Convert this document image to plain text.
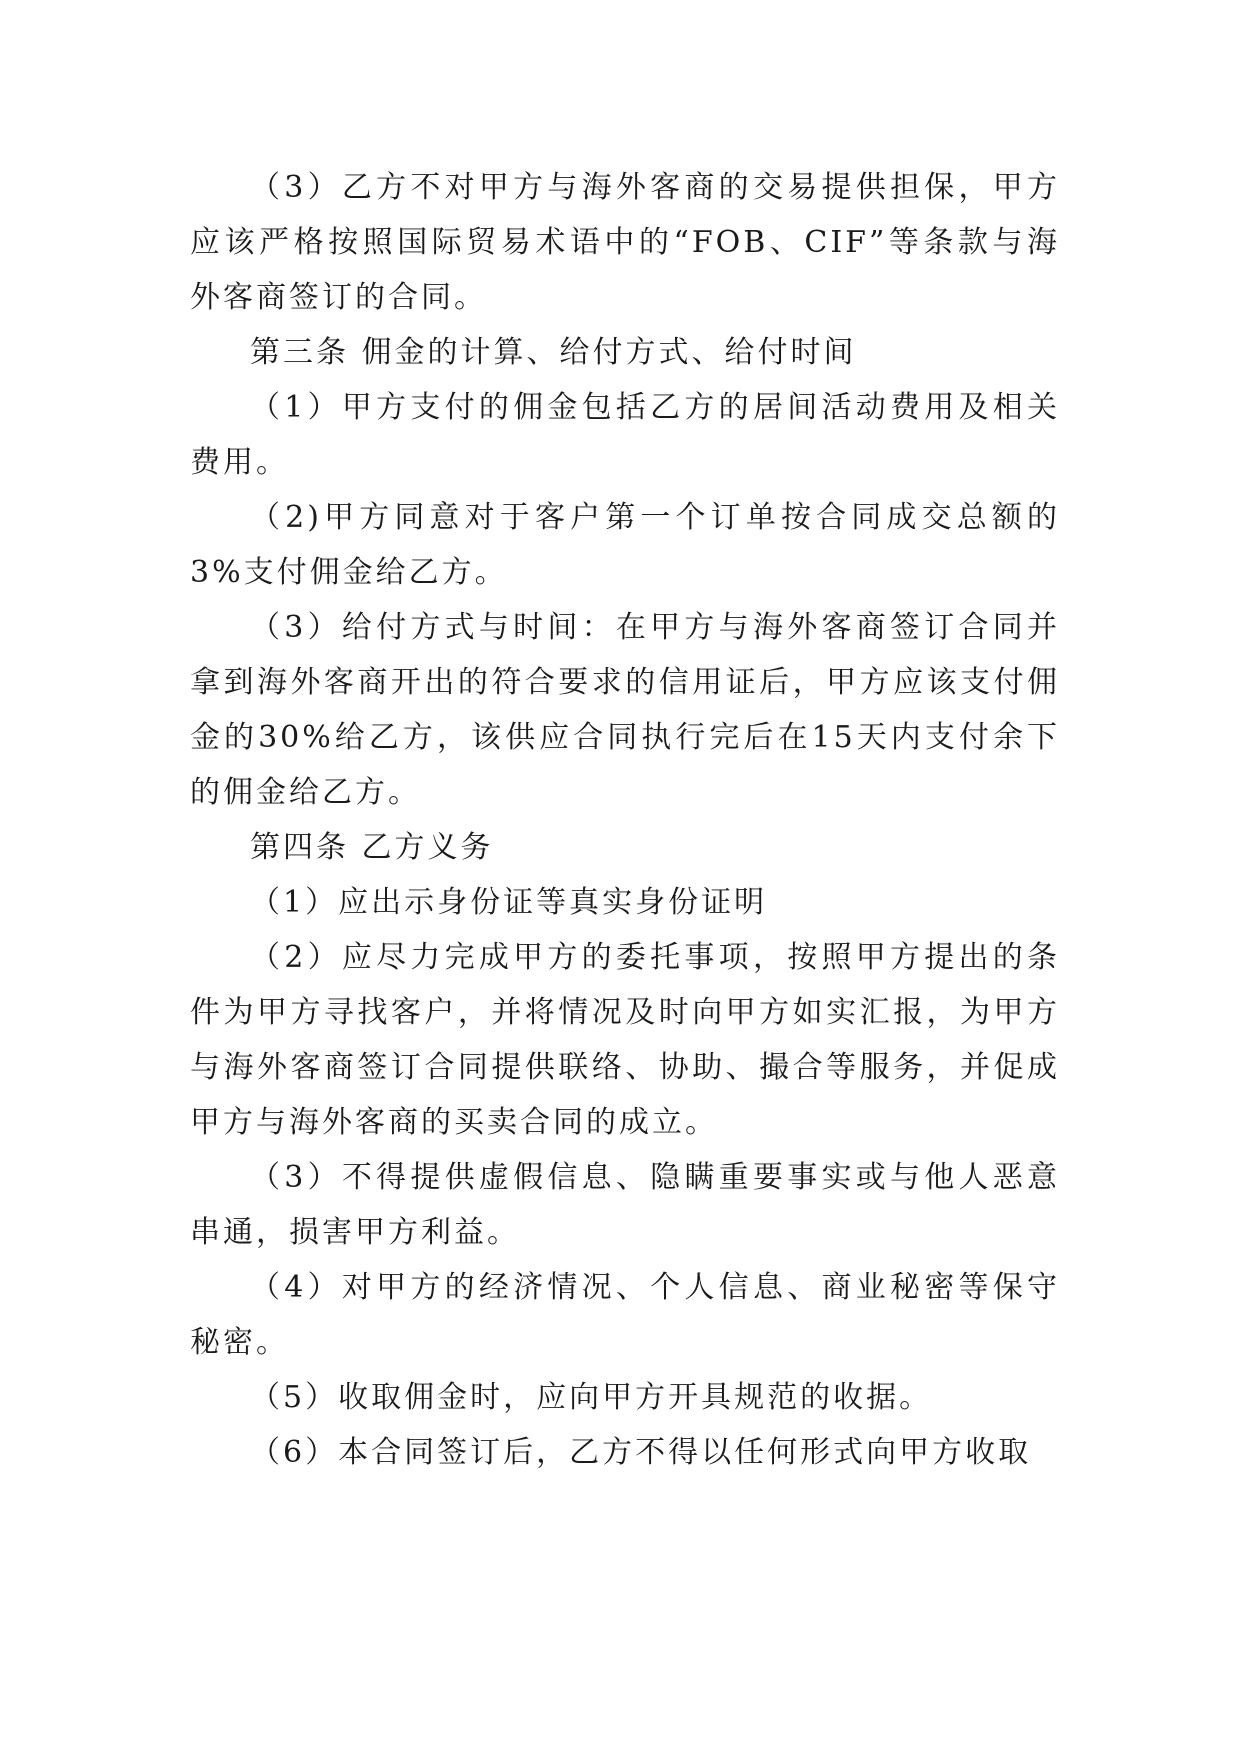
（3）乙方不对甲方与海外客商的交易提供担保，甲方应该严格按照国际贸易术语中的“FOB、CIF”等条款与海外客商签订的合同。

第三条 佣金的计算、给付方式、给付时间

（1）甲方支付的佣金包括乙方的居间活动费用及相关费用。

（2)甲方同意对于客户第一个订单按合同成交总额的3%支付佣金给乙方。

（3）给付方式与时间：在甲方与海外客商签订合同并拿到海外客商开出的符合要求的信用证后，甲方应该支付佣金的30%给乙方，该供应合同执行完后在15天内支付余下的佣金给乙方。

第四条 乙方义务

（1）应出示身份证等真实身份证明

（2）应尽力完成甲方的委托事项，按照甲方提出的条件为甲方寻找客户，并将情况及时向甲方如实汇报，为甲方与海外客商签订合同提供联络、协助、撮合等服务，并促成甲方与海外客商的买卖合同的成立。

（3）不得提供虚假信息、隐瞒重要事实或与他人恶意串通，损害甲方利益。

（4）对甲方的经济情况、个人信息、商业秘密等保守秘密。

（5）收取佣金时，应向甲方开具规范的收据。

（6）本合同签订后，乙方不得以任何形式向甲方收取
